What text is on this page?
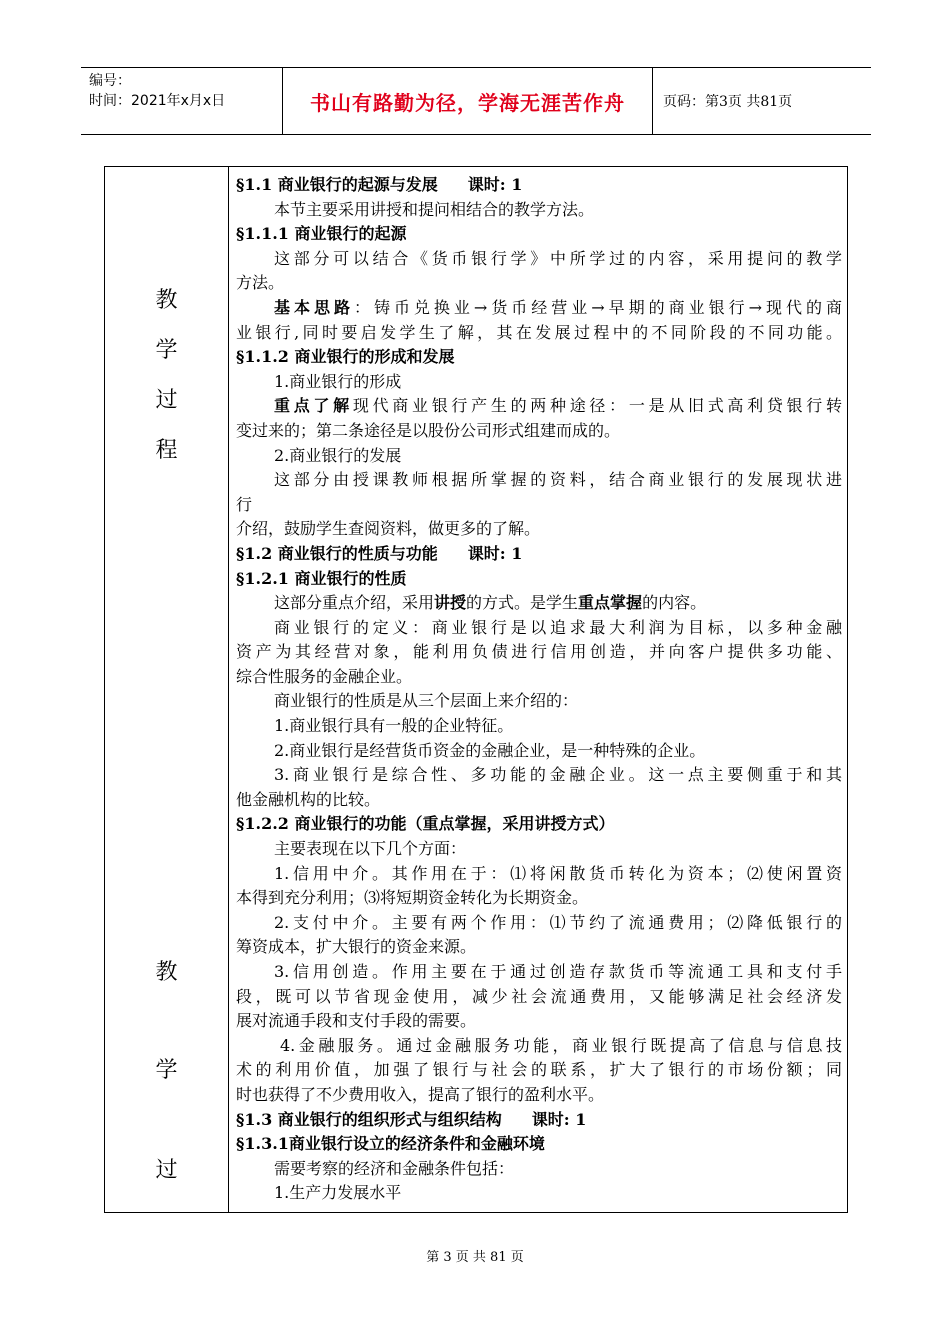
编号：
时间：2021年x月x日	书山有路勤为径，学海无涯苦作舟	页码：第3页 共81页
教
学
过
程
教
学
过
§1.1 商业银行的起源与发展 课时: 1
本节主要采用讲授和提问相结合的教学方法。
§1.1.1 商业银行的起源
这部分可以结合《货币银行学》中所学过的内容，采用提问的教学
方法。
基本思路：铸币兑换业→货币经营业→早期的商业银行→现代的商
业银行,同时要启发学生了解，其在发展过程中的不同阶段的不同功能。
§1.1.2 商业银行的形成和发展
1.商业银行的形成
重点了解现代商业银行产生的两种途径：一是从旧式高利贷银行转
变过来的；第二条途径是以股份公司形式组建而成的。
2.商业银行的发展
这部分由授课教师根据所掌握的资料，结合商业银行的发展现状进
行
介绍，鼓励学生查阅资料，做更多的了解。
§1.2 商业银行的性质与功能 课时: 1
§1.2.1 商业银行的性质
这部分重点介绍，采用讲授的方式。是学生重点掌握的内容。
商业银行的定义：商业银行是以追求最大利润为目标，以多种金融
资产为其经营对象，能利用负债进行信用创造，并向客户提供多功能、
综合性服务的金融企业。
商业银行的性质是从三个层面上来介绍的：
1.商业银行具有一般的企业特征。
2.商业银行是经营货币资金的金融企业，是一种特殊的企业。
3.商业银行是综合性、多功能的金融企业。这一点主要侧重于和其
他金融机构的比较。
§1.2.2 商业银行的功能（重点掌握，采用讲授方式）
主要表现在以下几个方面：
1.信用中介。其作用在于：⑴将闲散货币转化为资本；⑵使闲置资
本得到充分利用；⑶将短期资金转化为长期资金。
2.支付中介。主要有两个作用：⑴节约了流通费用；⑵降低银行的
筹资成本，扩大银行的资金来源。
3.信用创造。作用主要在于通过创造存款货币等流通工具和支付手
段，既可以节省现金使用，减少社会流通费用，又能够满足社会经济发
展对流通手段和支付手段的需要。
4.金融服务。通过金融服务功能，商业银行既提高了信息与信息技
术的利用价值，加强了银行与社会的联系，扩大了银行的市场份额；同
时也获得了不少费用收入，提高了银行的盈利水平。
§1.3 商业银行的组织形式与组织结构 课时: 1
§1.3.1商业银行设立的经济条件和金融环境
需要考察的经济和金融条件包括：
1.生产力发展水平
第 3 页 共 81 页
